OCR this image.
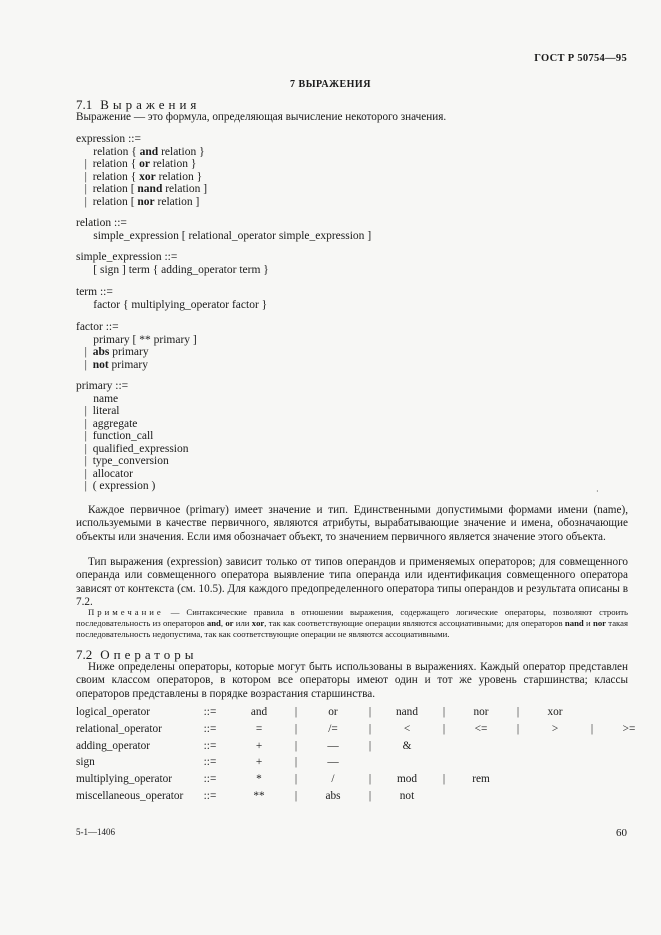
ГОСТ Р 50754—95
7 ВЫРАЖЕНИЯ
7.1 Выражения
Выражение — это формула, определяющая вычисление некоторого значения.
expression ::=
relation { and relation }
| relation { or relation }
| relation { xor relation }
| relation [ nand relation ]
| relation [ nor relation ]
relation ::=
simple_expression [ relational_operator simple_expression ]
simple_expression ::=
[ sign ] term { adding_operator term }
term ::=
factor { multiplying_operator factor }
factor ::=
primary [ ** primary ]
| abs primary
| not primary
primary ::=
name
| literal
| aggregate
| function_call
| qualified_expression
| type_conversion
| allocator
| ( expression )	·
Каждое первичное (primary) имеет значение и тип. Единственными допустимыми формами имени (name), используемыми в качестве первичного, являются атрибуты, вырабатывающие значение и имена, обозначающие объекты или значения. Если имя обозначает объект, то значением первичного является значение этого объекта.
Тип выражения (expression) зависит только от типов операндов и применяемых операторов; для совмещенного операнда или совмещенного оператора выявление типа операнда или идентификация совмещенного оператора зависят от контекста (см. 10.5). Для каждого предопределенного оператора типы операндов и результата описаны в 7.2.
Примечание — Синтаксические правила в отношении выражения, содержащего логические операторы, позволяют строить последовательность из операторов and, or или xor, так как соответствующие операции являются ассоциативными; для операторов nand и nor такая последовательность недопустима, так как соответствующие операции не являются ассоциативными.
7.2 Операторы
Ниже определены операторы, которые могут быть использованы в выражениях. Каждый оператор представлен своим классом операторов, в котором все операторы имеют один и тот же уровень старшинства; классы операторов представлены в порядке возрастания старшинства.
logical_operator	::=	and	|	or	|	nand	|	nor	|	xor		
relational_operator	::=	=	|	/=	|	<	|	<=	|	>	|	>=
adding_operator	::=	+	|	—	|	&						
sign	::=	+	|	—								
multiplying_operator	::=	*	|	/	|	mod	|	rem				
miscellaneous_operator	::=	**	|	abs	|	not						
5-1—1406	60
